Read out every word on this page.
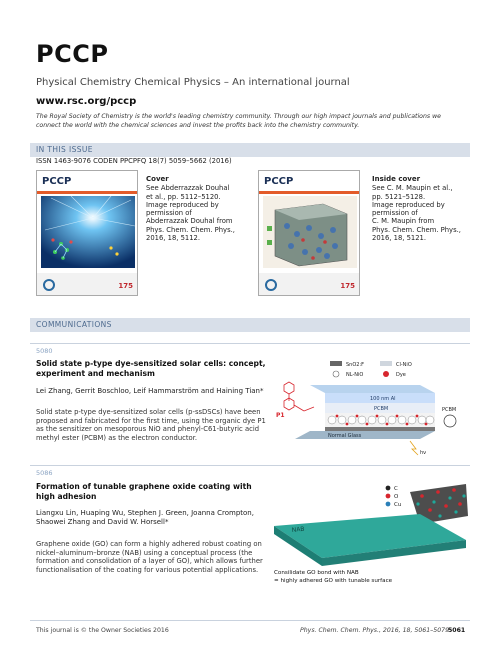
PCCP
Physical Chemistry Chemical Physics – An international journal
www.rsc.org/pccp
The Royal Society of Chemistry is the world's leading chemistry community. Through our high impact journals and publications we connect the world with the chemical sciences and invest the profits back into the chemistry community.
IN THIS ISSUE
ISSN 1463-9076 CODEN PPCPFQ 18(7) 5059–5662 (2016)
PCCP
175
Cover
See Abderrazzak Douhal
et al., pp. 5112–5120.
Image reproduced by
permission of
Abderrazzak Douhal from
Phys. Chem. Chem. Phys.,
2016, 18, 5112.
PCCP
175
Inside cover
See C. M. Maupin et al.,
pp. 5121–5128.
Image reproduced by
permission of
C. M. Maupin from
Phys. Chem. Chem. Phys.,
2016, 18, 5121.
COMMUNICATIONS
5080
Solid state p-type dye-sensitized solar cells: concept, experiment and mechanism
Lei Zhang, Gerrit Boschloo, Leif Hammarström and Haining Tian*
Solid state p-type dye-sensitized solar cells (p-ssDSCs) have been proposed and fabricated for the first time, using the organic dye P1 as the sensitizer on mesoporous NiO and phenyl-C61-butyric acid methyl ester (PCBM) as the electron conductor.
SnO2:F	Cl-NiO
NL-NiO	Dye
100 nm Al
PCBM
Normal Glass
P1
PCBM
hν
5086
Formation of tunable graphene oxide coating with high adhesion
Liangxu Lin, Huaping Wu, Stephen J. Green, Joanna Crompton, Shaowei Zhang and David W. Horsell*
Graphene oxide (GO) can form a highly adhered robust coating on nickel–aluminum–bronze (NAB) using a conceptual process (the formation and consolidation of a layer of GO), which allows further functionalisation of the coating for various potential applications.
C
O
Cu
NAB
Consilidate GO bond with NAB
= highly adhered GO with tunable surface
This journal is © the Owner Societies 2016	Phys. Chem. Chem. Phys., 2016, 18, 5061–5079
5061
